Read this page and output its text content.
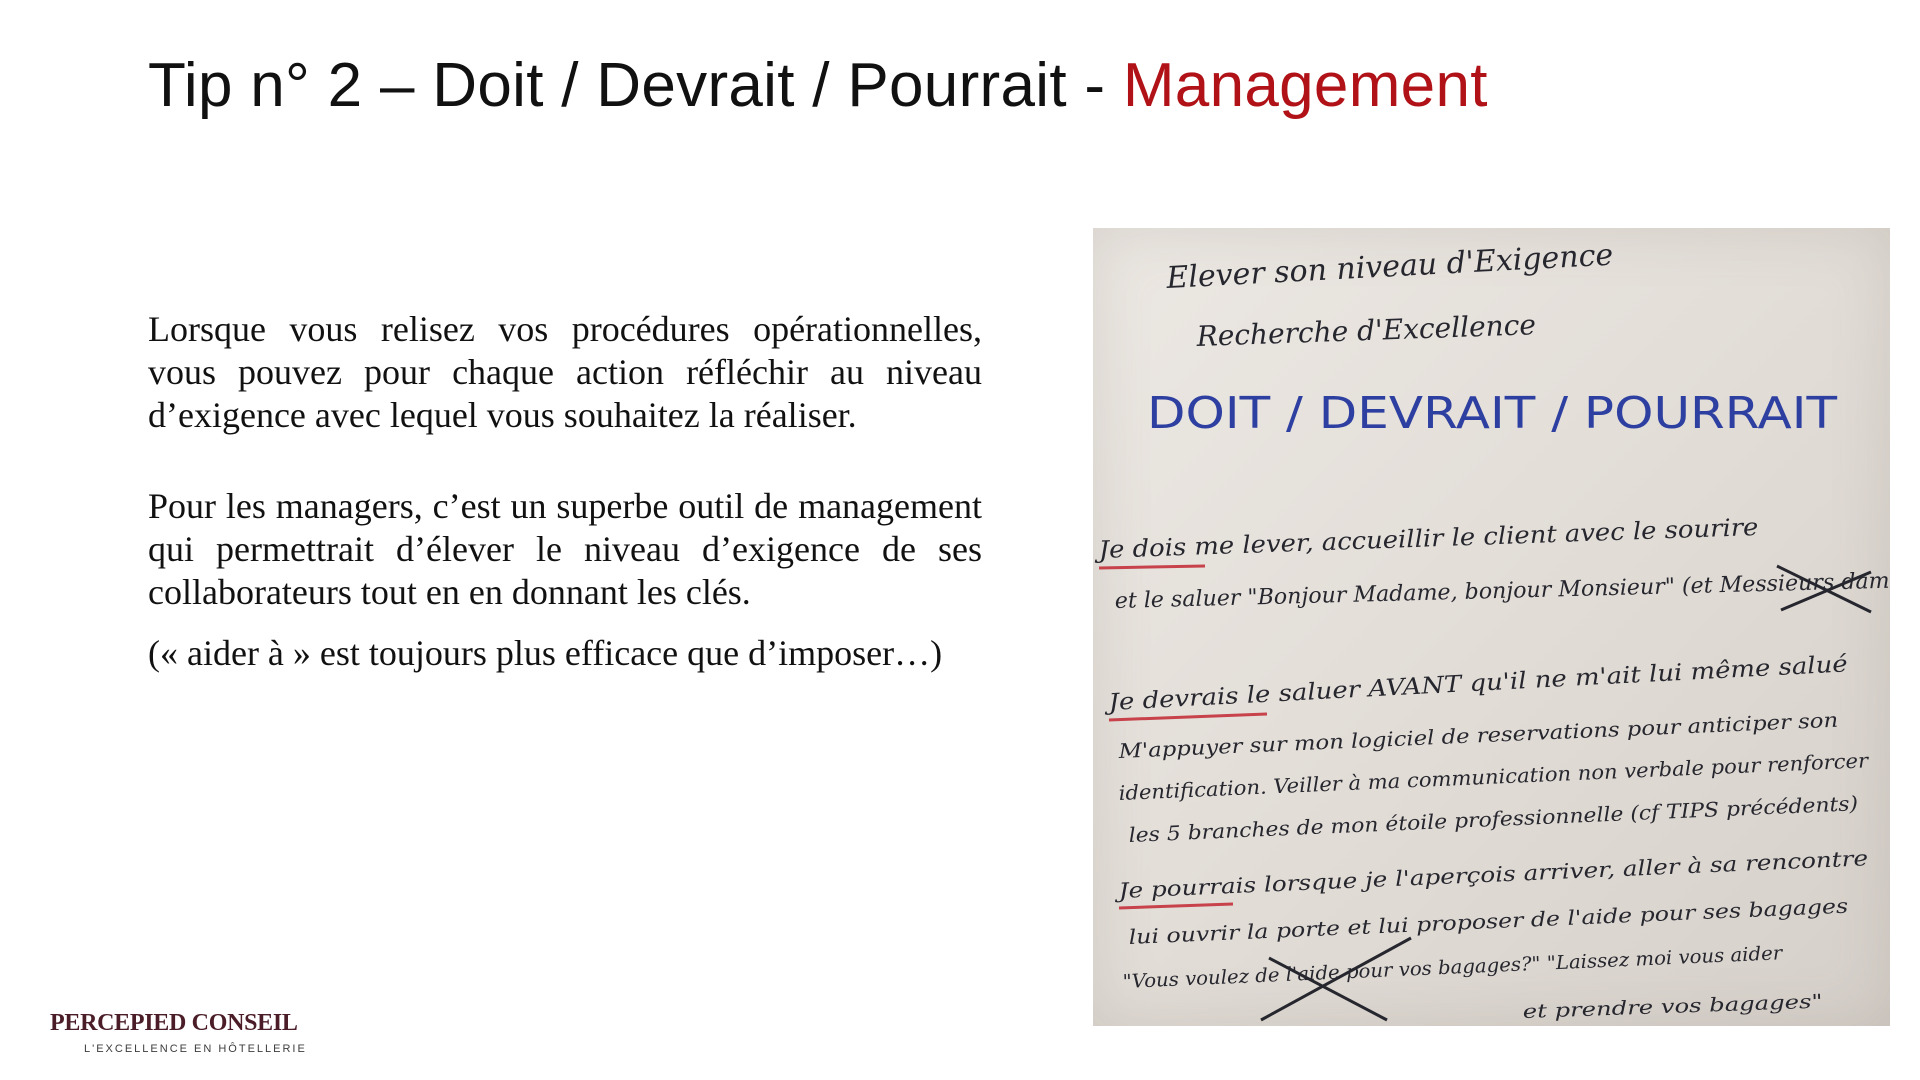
Tip n° 2 – Doit / Devrait / Pourrait - Management

Lorsque vous relisez vos procédures opérationnelles, vous pouvez pour chaque action réfléchir au niveau d’exigence avec lequel vous souhaitez la réaliser.

Pour les managers, c’est un superbe outil de management qui permettrait d’élever le niveau d’exigence de ses collaborateurs tout en en donnant les clés.

(« aider à » est toujours plus efficace que d’imposer…)

Elever son niveau d'Exigence
Recherche d'Excellence
DOIT / DEVRAIT / POURRAIT
Je dois me lever, accueillir le client avec le sourire
et le saluer "Bonjour Madame, bonjour Monsieur" (et Messieurs dam
Je devrais le saluer AVANT qu'il ne m'ait lui même salué
M'appuyer sur mon logiciel de reservations pour anticiper son
identification. Veiller à ma communication non verbale pour renforcer
les 5 branches de mon étoile professionnelle (cf TIPS précédents)
Je pourrais lorsque je l'aperçois arriver, aller à sa rencontre
lui ouvrir la porte et lui proposer de l'aide pour ses bagages
"Vous voulez de l'aide pour vos bagages?" "Laissez moi vous aider
et prendre vos bagages"
PERCEPIED CONSEIL
L'EXCELLENCE EN HÔTELLERIE
